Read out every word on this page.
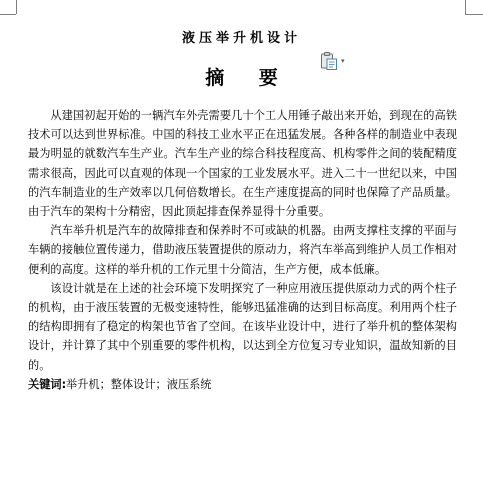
液压举升机设计
▾
摘 要

从建国初起开始的一辆汽车外壳需要几十个工人用锤子敲出来开始，到现在的高铁技术可以达到世界标准。中国的科技工业水平正在迅猛发展。各种各样的制造业中表现最为明显的就数汽车生产业。汽车生产业的综合科技程度高、机构零件之间的装配精度需求很高，因此可以直观的体现一个国家的工业发展水平。进入二十一世纪以来，中国的汽车制造业的生产效率以几何倍数增长。在生产速度提高的同时也保障了产品质量。由于汽车的架构十分精密，因此顶起排查保养显得十分重要。

汽车举升机是汽车的故障排查和保养时不可或缺的机器。由两支撑柱支撑的平面与车辆的接触位置传递力，借助液压装置提供的原动力，将汽车举高到维护人员工作相对便利的高度。这样的举升机的工作元里十分简洁，生产方便，成本低廉。

该设计就是在上述的社会环境下发明探究了一种应用液压提供原动力式的两个柱子的机构，由于液压装置的无极变速特性，能够迅猛准确的达到目标高度。利用两个柱子的结构即拥有了稳定的构架也节省了空间。在该毕业设计中，进行了举升机的整体架构设计，并计算了其中个别重要的零件机构，以达到全方位复习专业知识，温故知新的目的。

关键词:举升机；整体设计；液压系统
